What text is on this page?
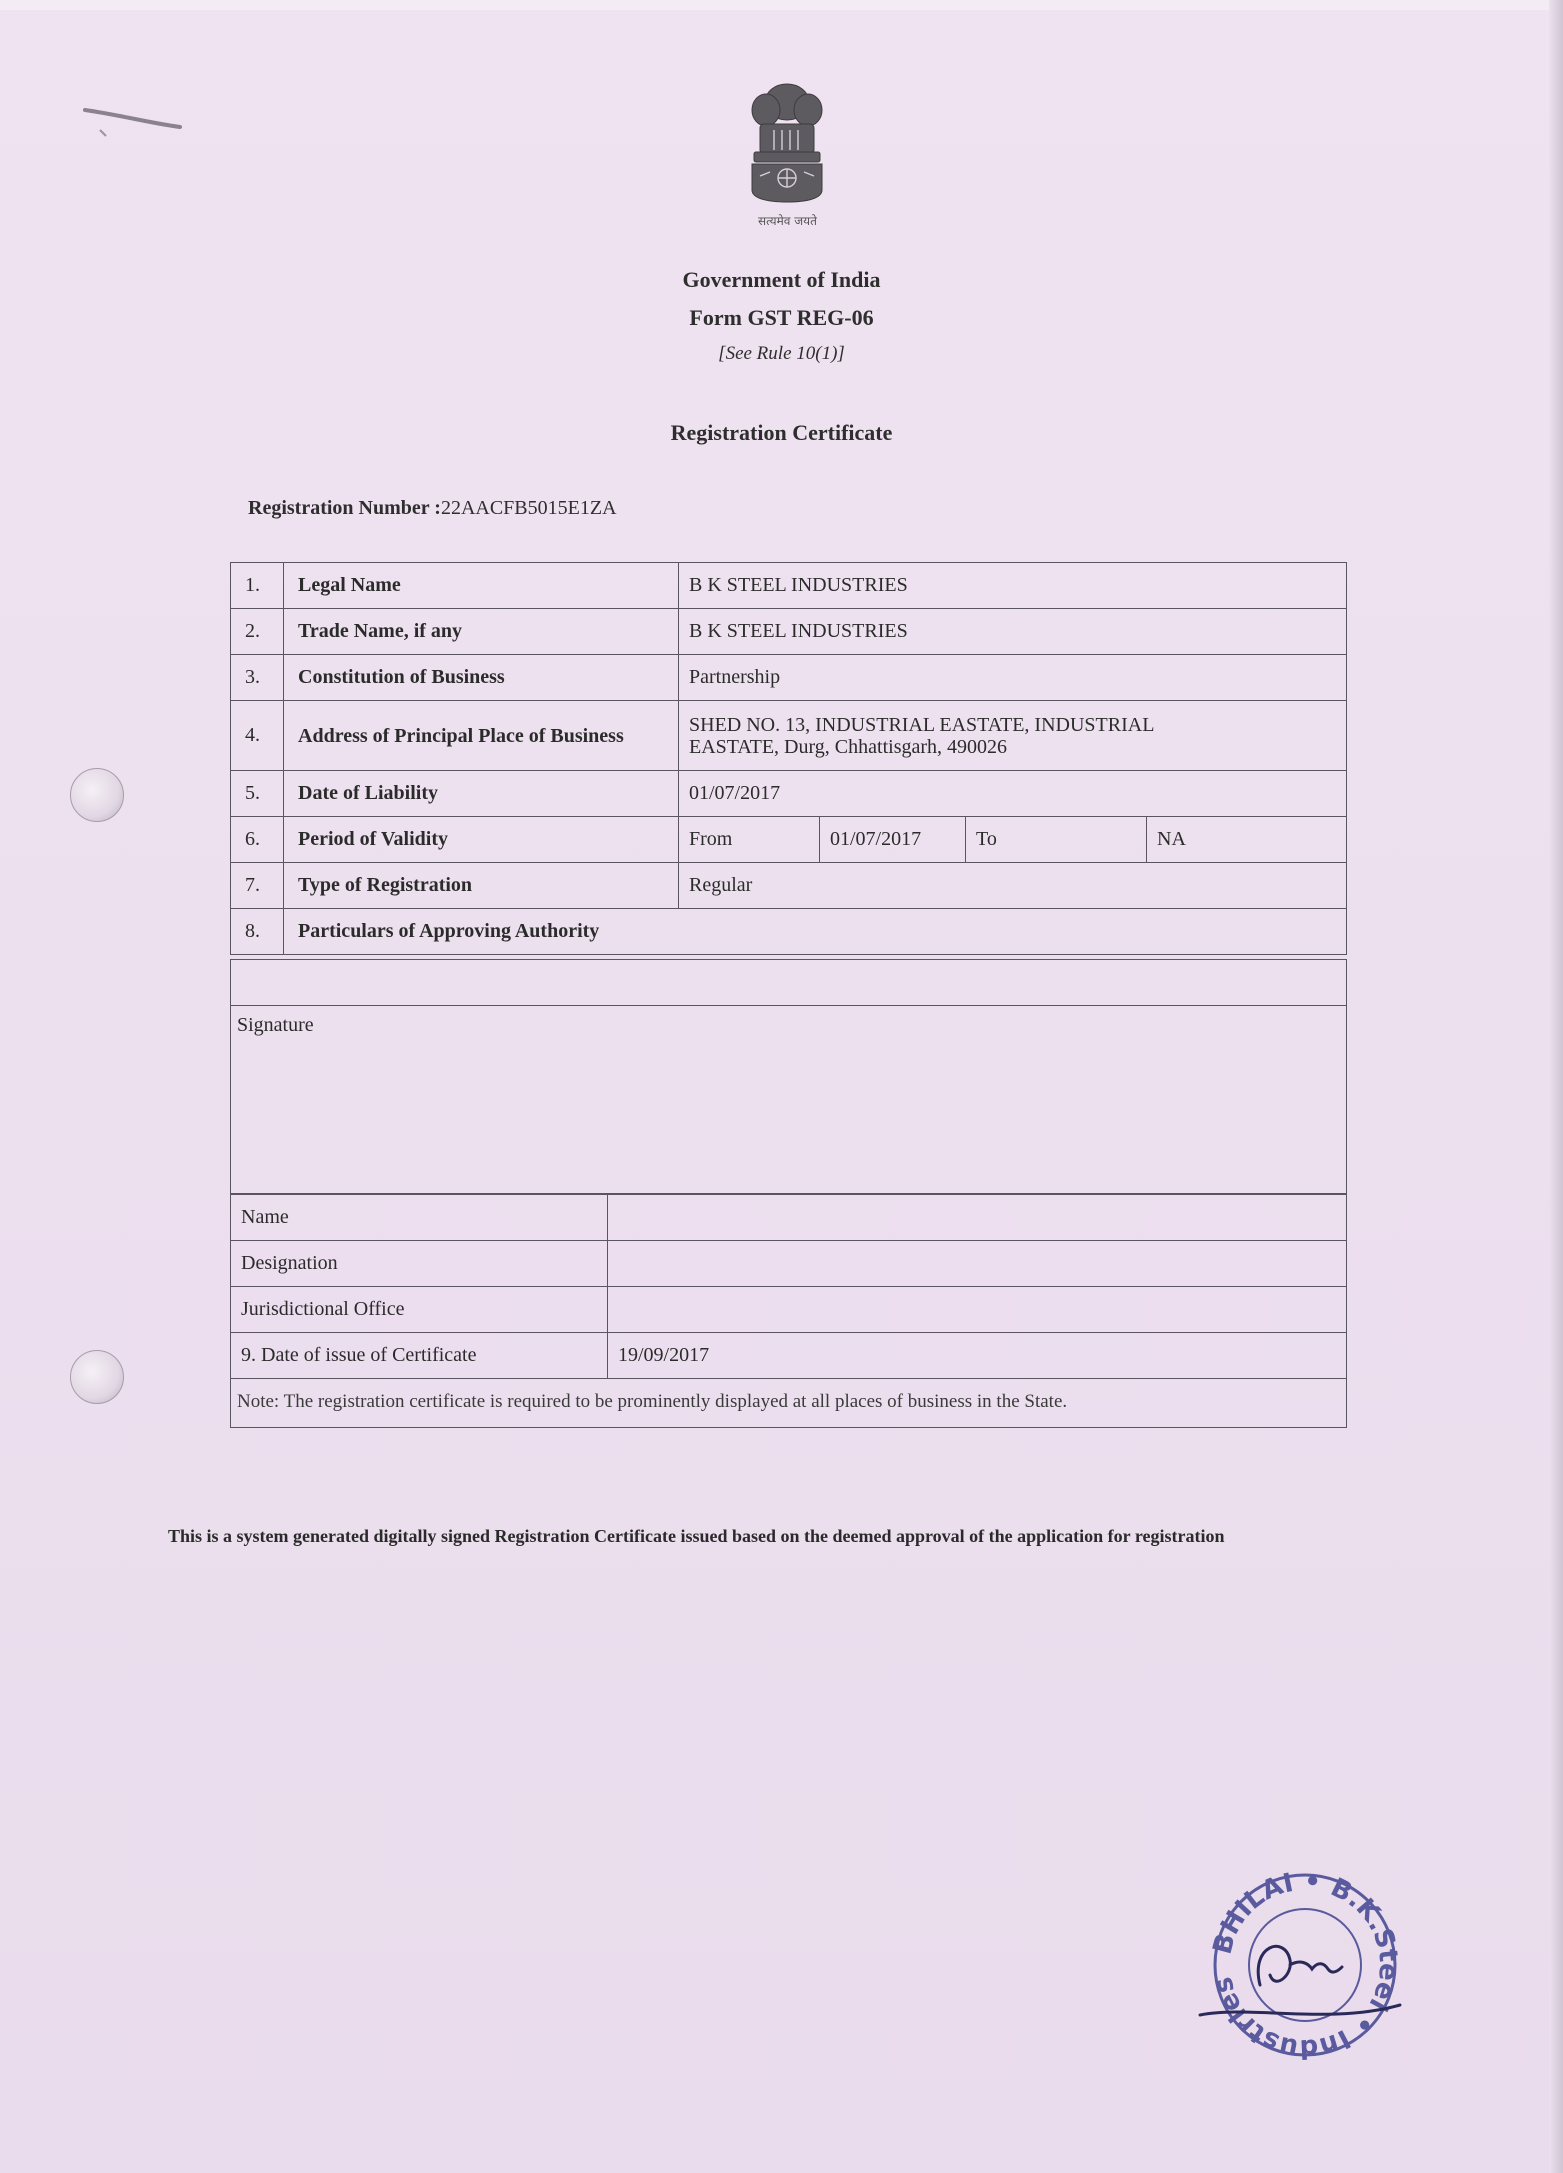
सत्यमेव जयते
Government of India
Form GST REG-06
[See Rule 10(1)]
Registration Certificate
Registration Number :22AACFB5015E1ZA
1.	Legal Name	B K STEEL INDUSTRIES			
2.	Trade Name, if any	B K STEEL INDUSTRIES			
3.	Constitution of Business	Partnership			
4.	Address of Principal Place of Business	SHED NO. 13, INDUSTRIAL EASTATE, INDUSTRIAL
EASTATE, Durg, Chhattisgarh, 490026			

5.	Date of Liability	01/07/2017			
6.	Period of Validity	From	01/07/2017	To	NA
7.	Type of Registration	Regular			
8.	Particulars of Approving Authority				
Signature
Name	
Designation	
Jurisdictional Office	
9. Date of issue of Certificate	19/09/2017
Note: The registration certificate is required to be prominently displayed at all places of business in the State.
This is a system generated digitally signed Registration Certificate issued based on the deemed approval of the application for registration
BHILAI • B.K.Steel • Industries
